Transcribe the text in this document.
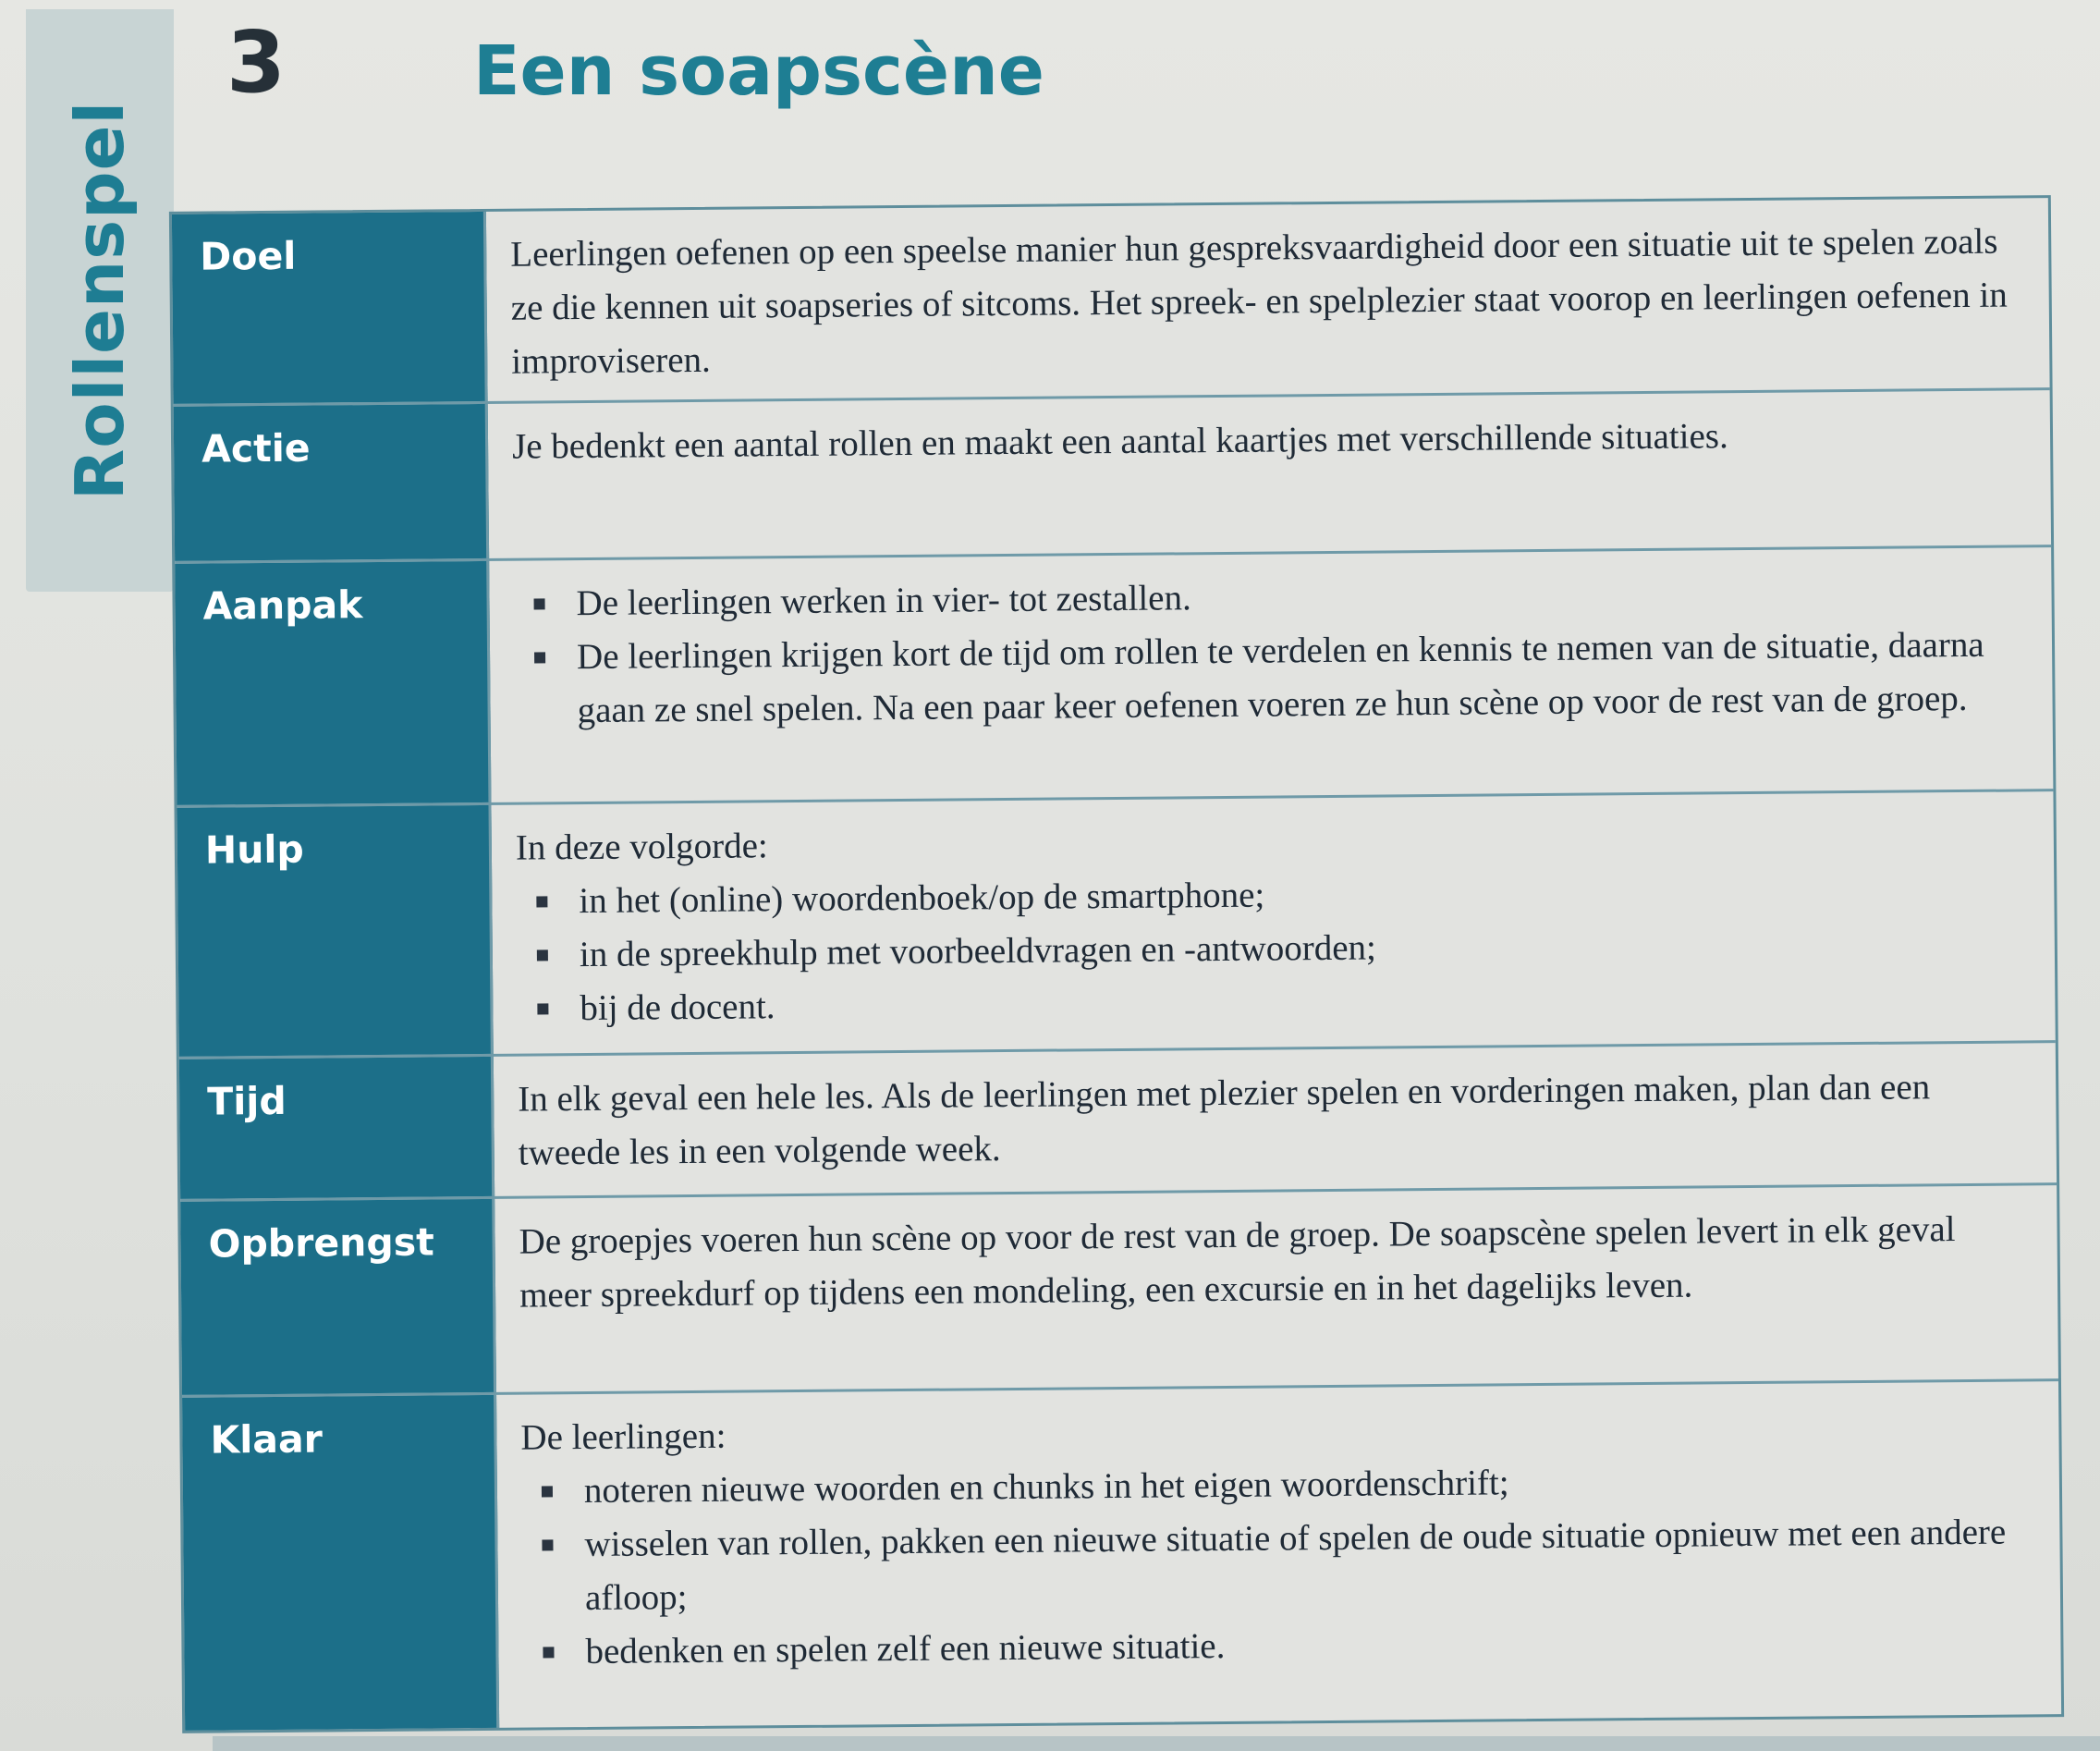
Rollenspel
3	Een soapscène
Doel	Leerlingen oefenen op een speelse manier hun gespreksvaardigheid door een situatie uit te spelen zoals ze die kennen uit soapseries of sitcoms. Het spreek- en spelplezier staat voorop en leerlingen oefenen in improviseren.

Actie	Je bedenkt een aantal rollen en maakt een aantal kaartjes met verschillende situaties.

Aanpak	De leerlingen werken in vier- tot zestallen.
De leerlingen krijgen kort de tijd om rollen te verdelen en kennis te nemen van de situatie, daarna gaan ze snel spelen. Na een paar keer oefenen voeren ze hun scène op voor de rest van de groep.
Hulp	In deze volgorde:

in het (online) woordenboek/op de smartphone;
in de spreekhulp met voorbeeldvragen en -antwoorden;
bij de docent.
Tijd	In elk geval een hele les. Als de leerlingen met plezier spelen en vorderingen maken, plan dan een tweede les in een volgende week.

Opbrengst	De groepjes voeren hun scène op voor de rest van de groep. De soapscène spelen levert in elk geval meer spreekdurf op tijdens een mondeling, een excursie en in het dagelijks leven.

Klaar	De leerlingen:

noteren nieuwe woorden en chunks in het eigen woordenschrift;
wisselen van rollen, pakken een nieuwe situatie of spelen de oude situatie opnieuw met een andere afloop;
bedenken en spelen zelf een nieuwe situatie.
